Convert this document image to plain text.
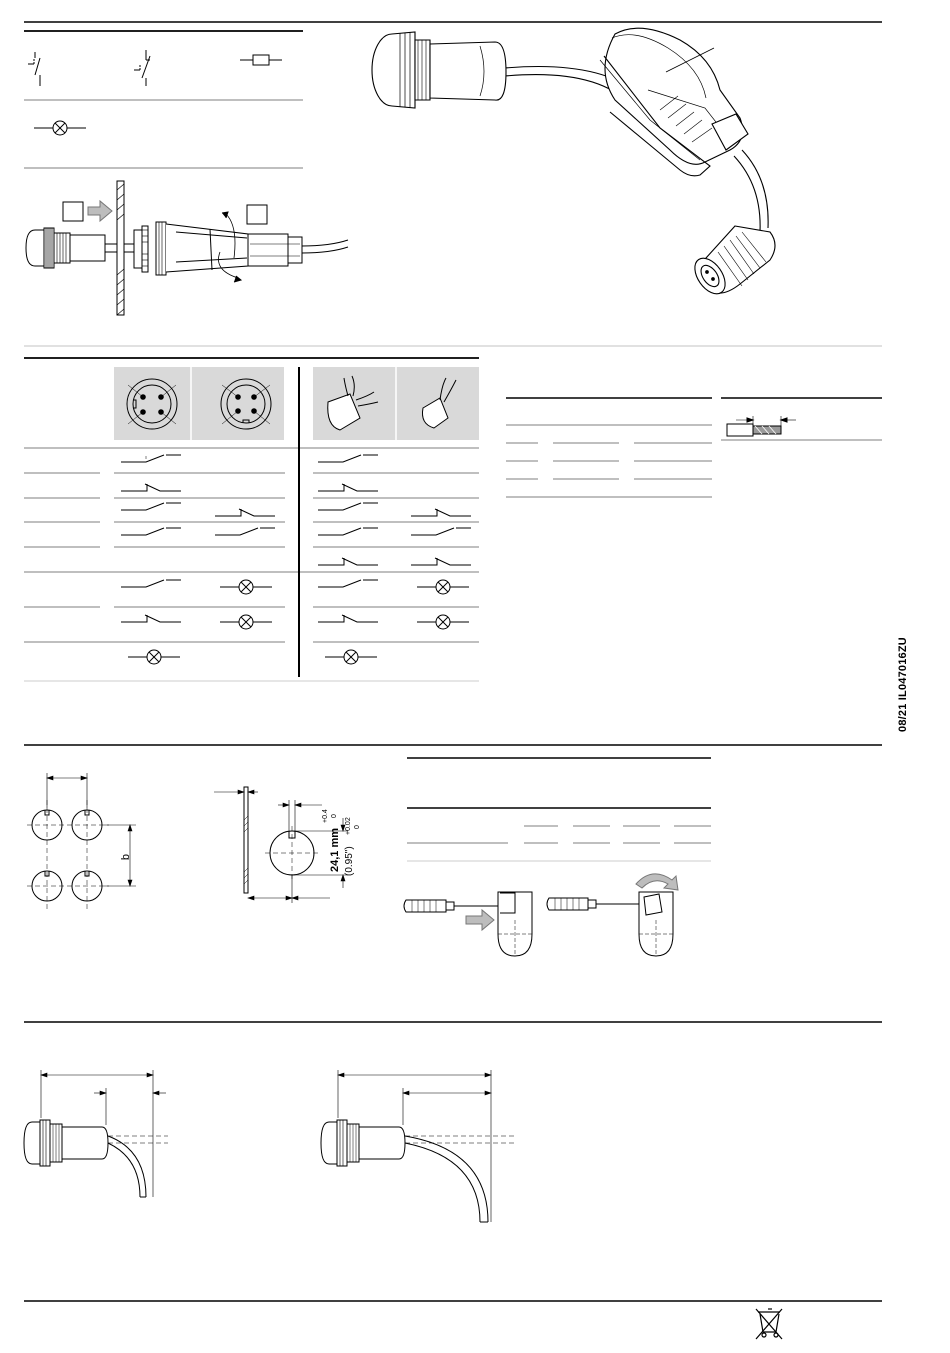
b	24,1 mm (0.95")
+0.4 0
+0.02 0
08/21 IL047016ZU
